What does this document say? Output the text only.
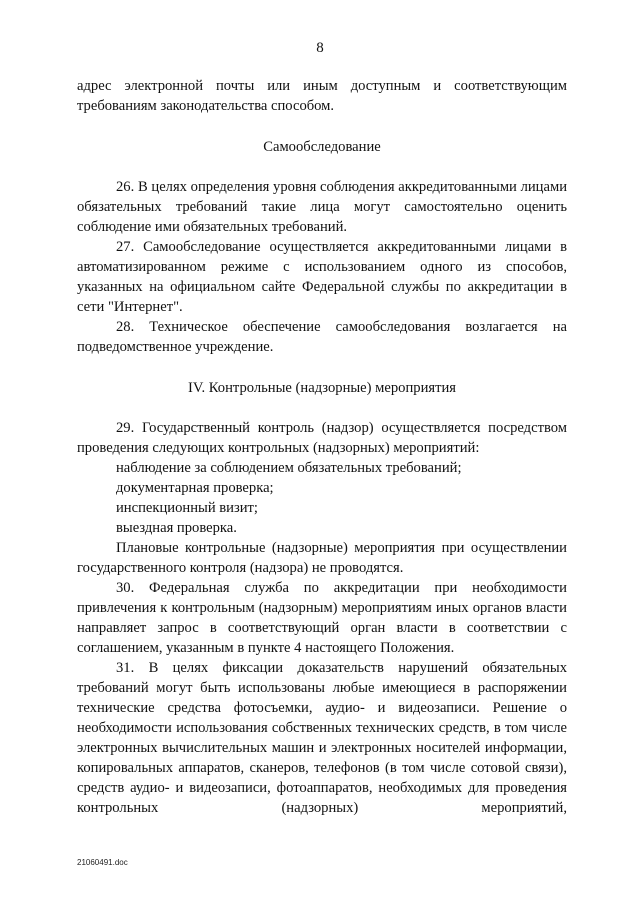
8

адрес электронной почты или иным доступным и соответствующим требованиям законодательства способом.

Самообследование

26. В целях определения уровня соблюдения аккредитованными лицами обязательных требований такие лица могут самостоятельно оценить соблюдение ими обязательных требований.

27. Самообследование осуществляется аккредитованными лицами в автоматизированном режиме с использованием одного из способов, указанных на официальном сайте Федеральной службы по аккредитации в сети "Интернет".

28. Техническое обеспечение самообследования возлагается на подведомственное учреждение.

IV. Контрольные (надзорные) мероприятия

29. Государственный контроль (надзор) осуществляется посредством проведения следующих контрольных (надзорных) мероприятий:

наблюдение за соблюдением обязательных требований;

документарная проверка;

инспекционный визит;

выездная проверка.

Плановые контрольные (надзорные) мероприятия при осуществлении государственного контроля (надзора) не проводятся.

30. Федеральная служба по аккредитации при необходимости привлечения к контрольным (надзорным) мероприятиям иных органов власти направляет запрос в соответствующий орган власти в соответствии с соглашением, указанным в пункте 4 настоящего Положения.

31. В целях фиксации доказательств нарушений обязательных требований могут быть использованы любые имеющиеся в распоряжении технические средства фотосъемки, аудио- и видеозаписи. Решение о необходимости использования собственных технических средств, в том числе электронных вычислительных машин и электронных носителей информации, копировальных аппаратов, сканеров, телефонов (в том числе сотовой связи), средств аудио- и видеозаписи, фотоаппаратов, необходимых для проведения контрольных (надзорных) мероприятий,

21060491.doc
